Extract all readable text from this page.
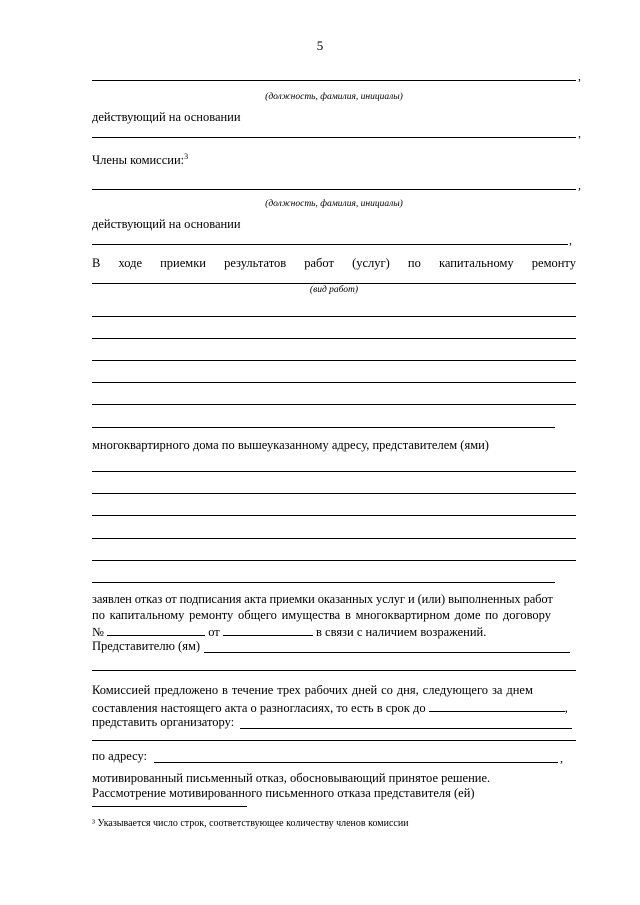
5
,
(должность, фамилия, инициалы)
действующий на основании
,
Члены комиссии:$^3$
,
(должность, фамилия, инициалы)
действующий на основании
,
В ходе приемки результатов работ (услуг) по капитальному ремонту
(вид работ)
многоквартирного дома по вышеуказанному адресу, представителем (ями)
заявлен отказ от подписания акта приемки оказанных услуг и (или) выполненных работ
по капитальному ремонту общего имущества в многоквартирном доме по договору
№	от	в связи с наличием возражений.
Представителю (ям)
Комиссией предложено в течение трех рабочих дней со дня, следующего за днем
составления настоящего акта о разногласиях, то есть в срок до	,
представить организатору:
по адресу:	,
мотивированный письменный отказ, обосновывающий принятое решение.
Рассмотрение мотивированного письменного отказа представителя (ей)
³ Указывается число строк, соответствующее количеству членов комиссии
